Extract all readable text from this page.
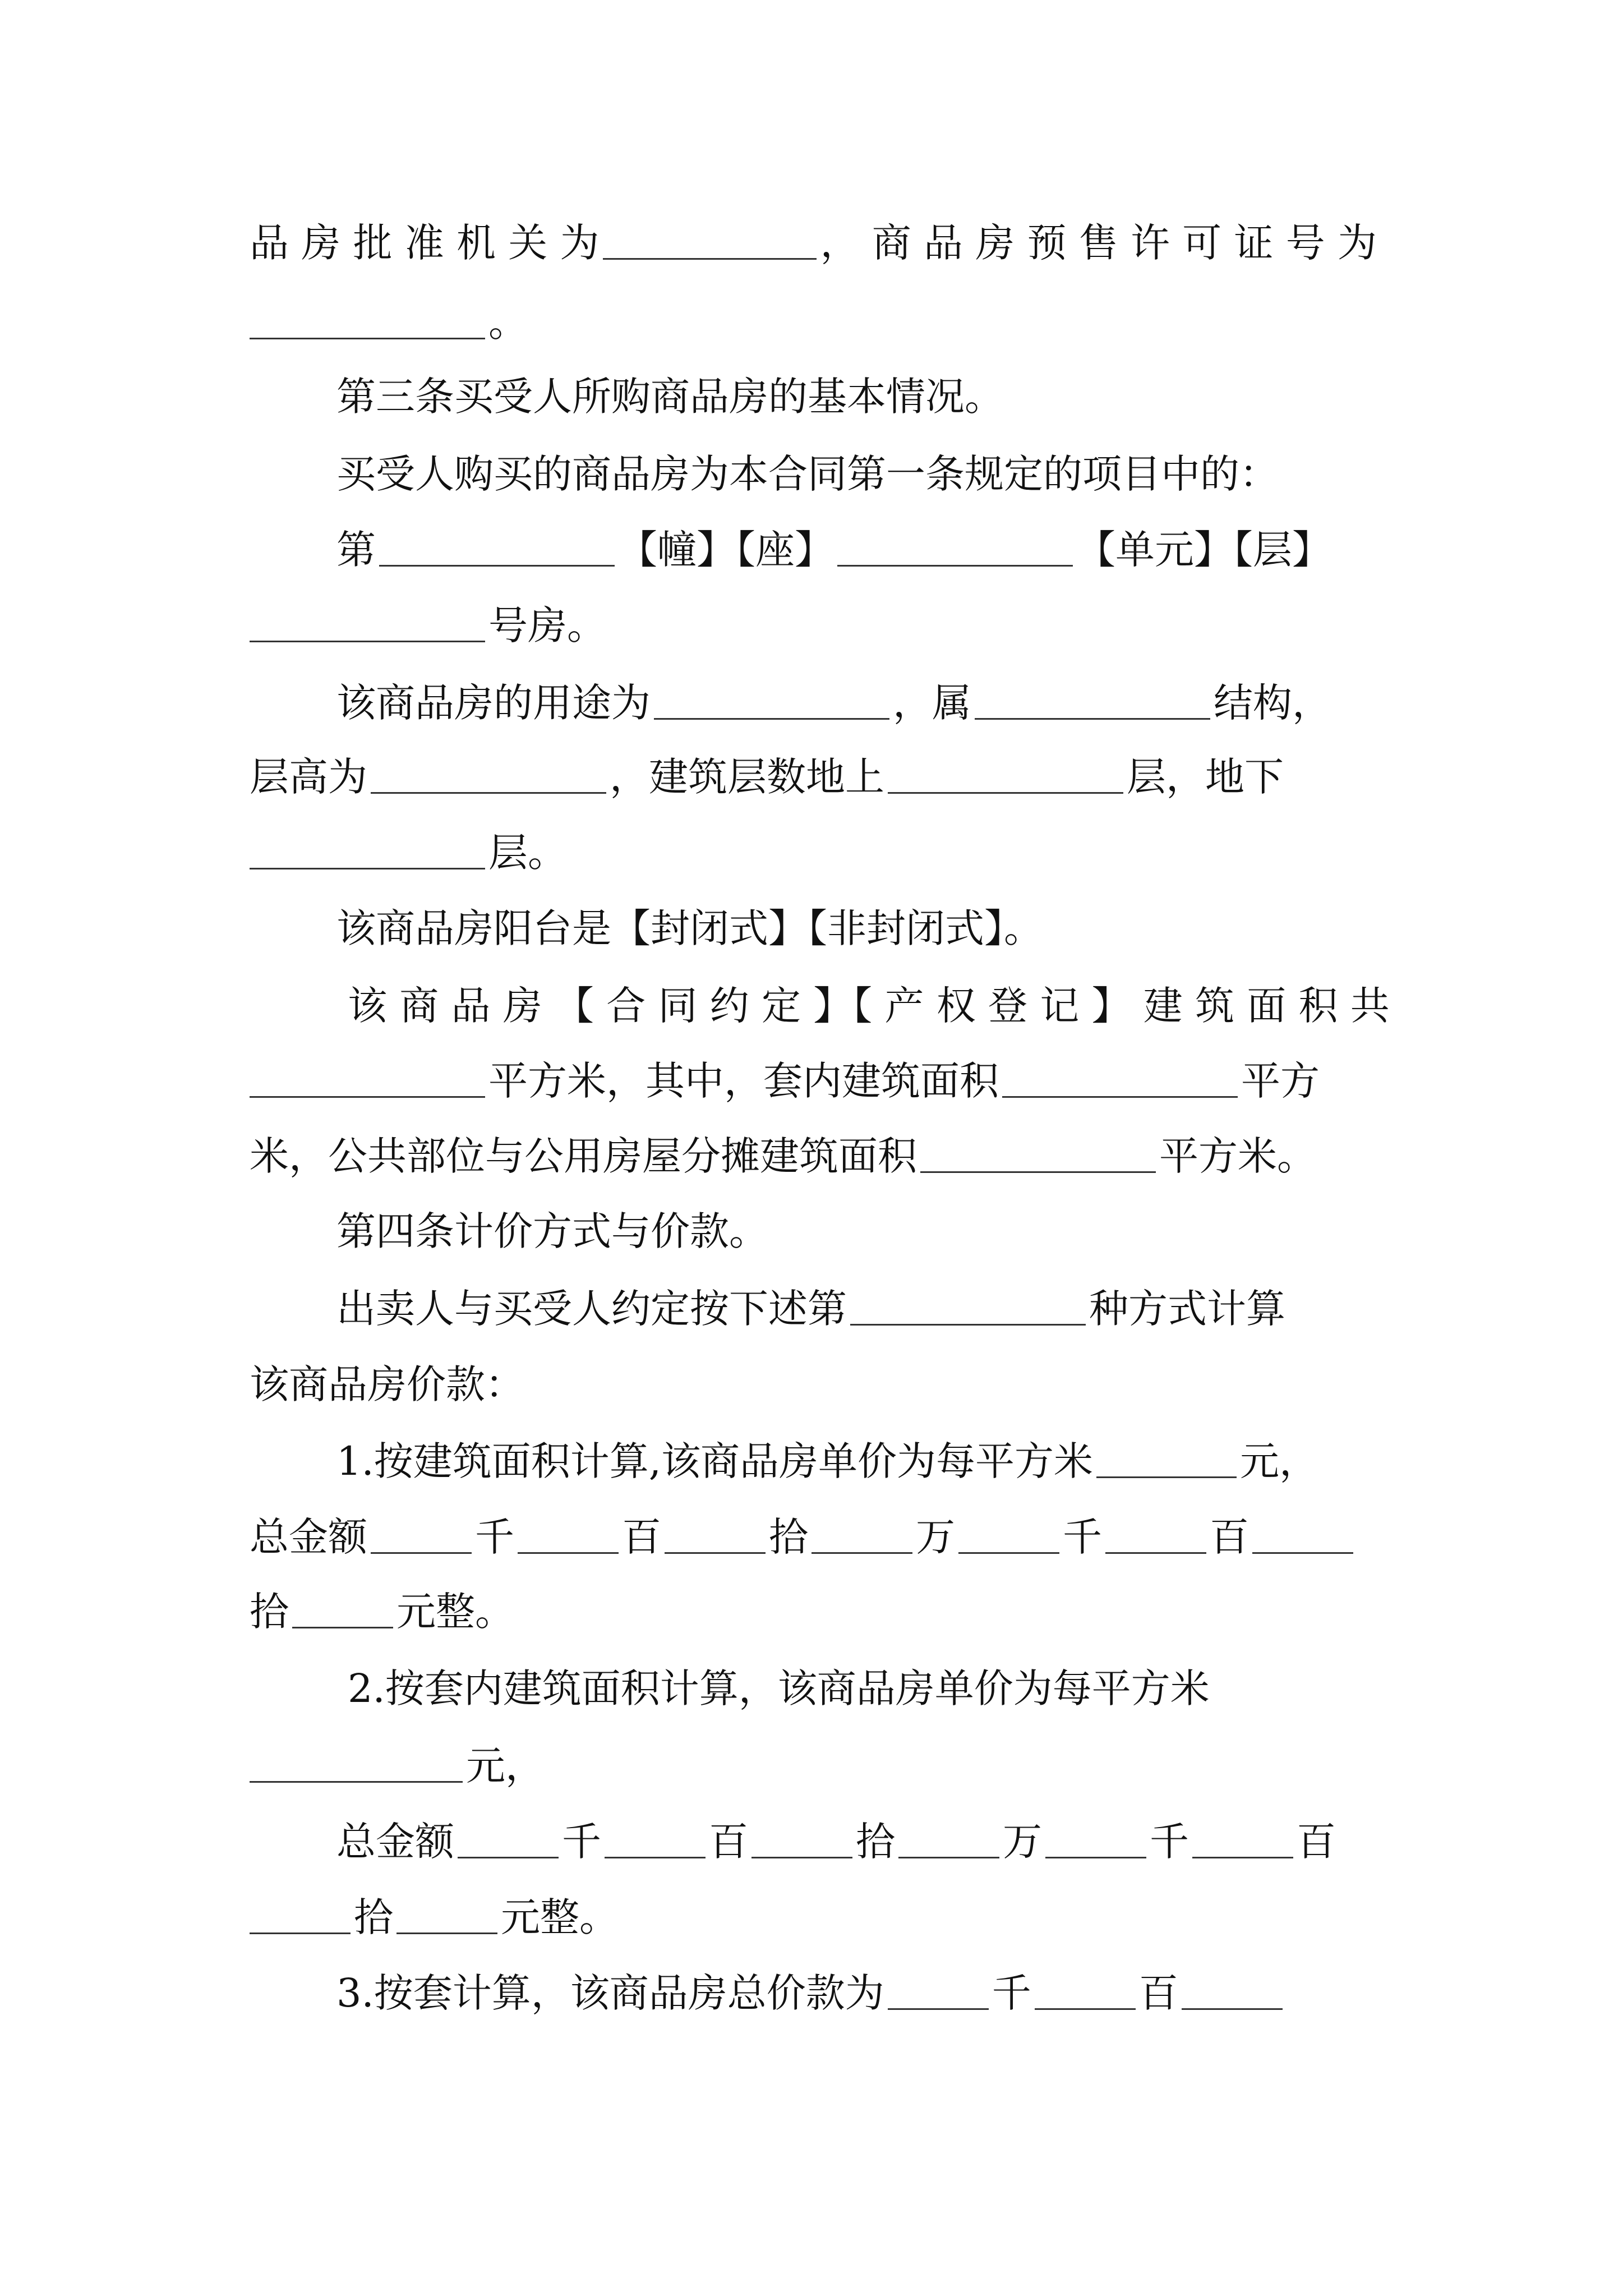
品 房 批 准 机 关 为	， 商 品 房 预 售 许 可 证 号 为
。
第三条买受人所购商品房的基本情况。
买受人购买的商品房为本合同第一条规定的项目中的：
第	【幢】【座】	【单元】【层】
号房。
该商品房的用途为	，属	结构，
层高为	，建筑层数地上	层，地下
层。
该商品房阳台是【封闭式】【非封闭式】。
该 商 品 房 【 合 同 约 定 】【 产 权 登 记 】 建 筑 面 积 共
平方米，其中，套内建筑面积	平方
米，公共部位与公用房屋分摊建筑面积	平方米。
第四条计价方式与价款。
出卖人与买受人约定按下述第	种方式计算
该商品房价款：
1.按建筑面积计算,该商品房单价为每平方米	元，
总金额	千	百	拾	万	千	百
拾	元整。
2.按套内建筑面积计算，该商品房单价为每平方米
元，
总金额	千	百	拾	万	千	百
拾	元整。
3.按套计算，该商品房总价款为	千	百
